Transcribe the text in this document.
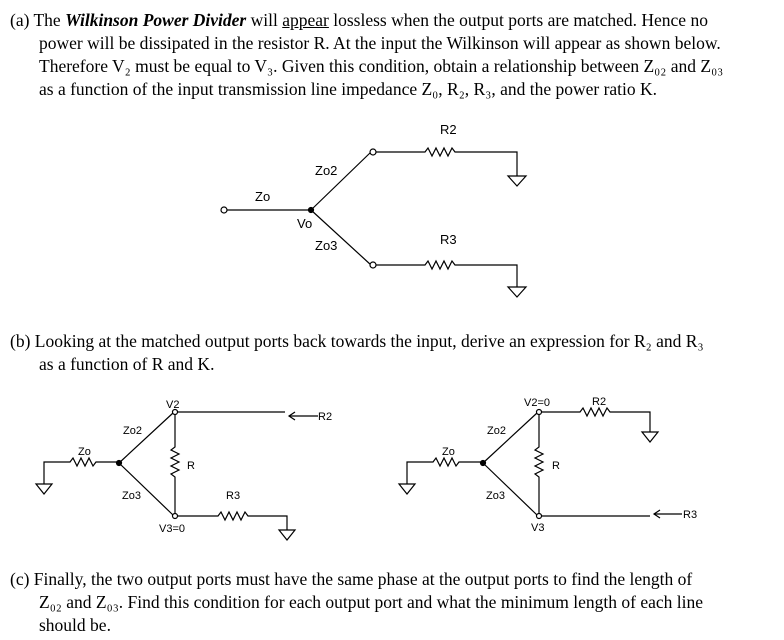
(a) The Wilkinson Power Divider will appear lossless when the output ports are matched. Hence no
power will be dissipated in the resistor R. At the input the Wilkinson will appear as shown below.
Therefore V₂ must be equal to V₃. Given this condition, obtain a relationship between Z₀₂ and Z₀₃
as a function of the input transmission line impedance Z₀, R₂, R₃, and the power ratio K.
(b) Looking at the matched output ports back towards the input, derive an expression for R₂ and R₃
as a function of R and K.
(c) Finally, the two output ports must have the same phase at the output ports to find the length of
Z₀₂ and Z₀₃. Find this condition for each output port and what the minimum length of each line
should be.
R2
Zo2
Zo
Vo
Zo3	R3
V2
Zo2
Zo
R
Zo3	R3
V3=0
R2
V2=0	R2
Zo2
Zo
R
Zo3
V3
R3
